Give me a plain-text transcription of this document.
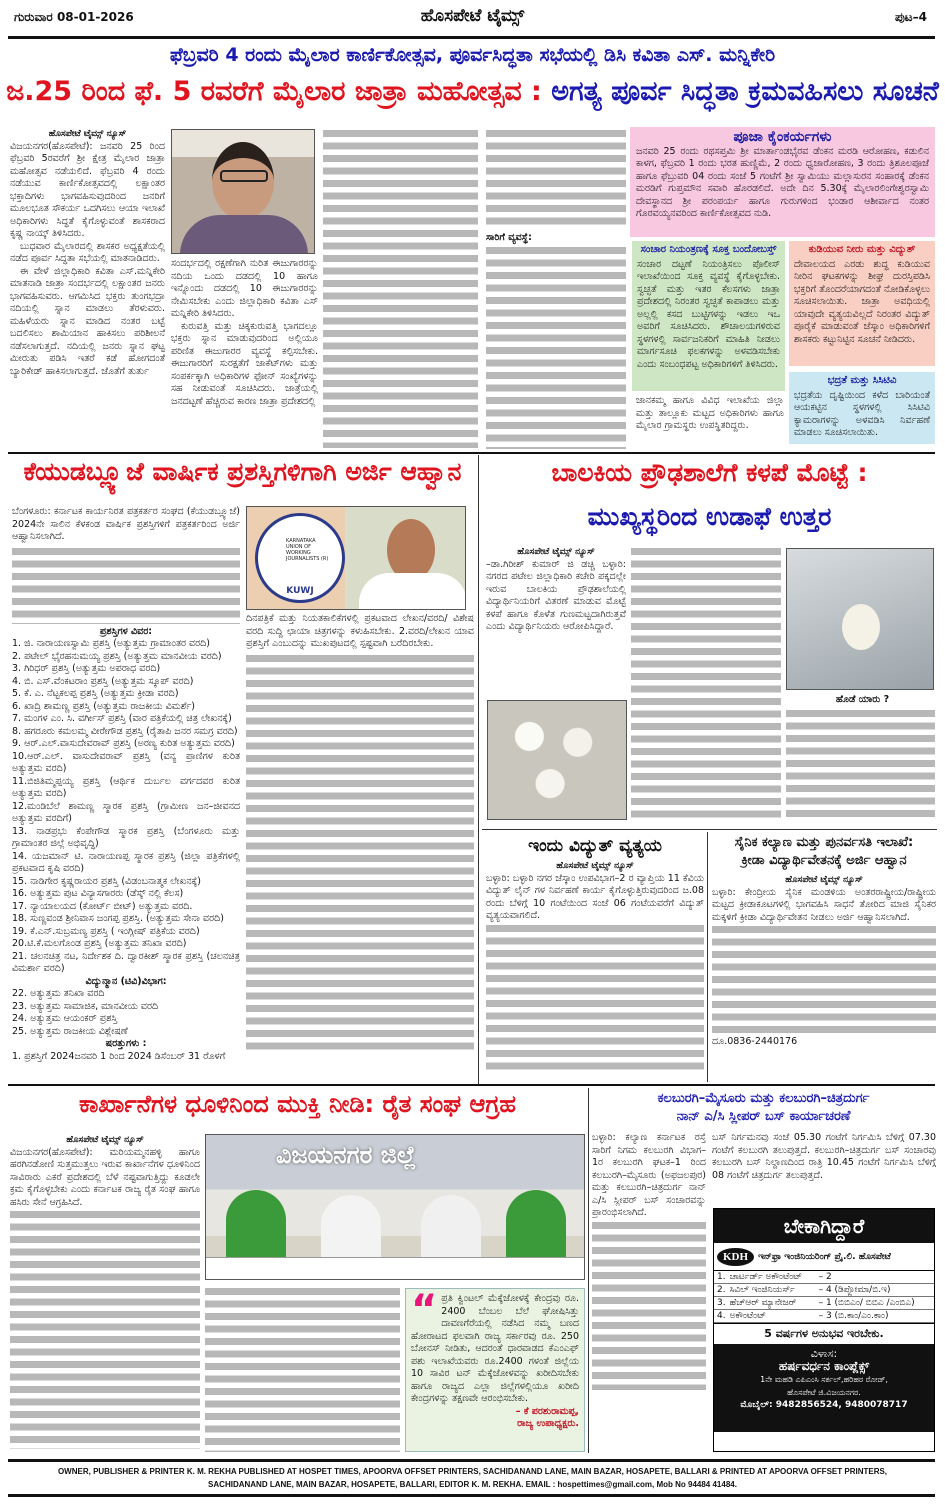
ಗುರುವಾರ 08-01-2026	ಹೊಸಪೇಟೆ ಟೈಮ್ಸ್	ಪುಟ–4
ಫೆಬ್ರವರಿ 4 ರಂದು ಮೈಲಾರ ಕಾರ್ಣಿಕೋತ್ಸವ, ಪೂರ್ವಸಿದ್ಧತಾ ಸಭೆಯಲ್ಲಿ ಡಿಸಿ ಕವಿತಾ ಎಸ್. ಮನ್ನಿಕೇರಿ
ಜ.25 ರಿಂದ ಫೆ. 5 ರವರೆಗೆ ಮೈಲಾರ ಜಾತ್ರಾ ಮಹೋತ್ಸವ : ಅಗತ್ಯ ಪೂರ್ವ ಸಿದ್ಧತಾ ಕ್ರಮವಹಿಸಲು ಸೂಚನೆ
ಹೊಸಪೇಟೆ ಟೈಮ್ಸ್ ನ್ಯೂಸ್

ವಿಜಯನಗರ(ಹೊಸಪೇಟೆ): ಜನವರಿ 25 ರಿಂದ ಫೆಬ್ರವರಿ 5ರವರೆಗೆ ಶ್ರೀ ಕ್ಷೇತ್ರ ಮೈಲಾರ ಜಾತ್ರಾ ಮಹೋತ್ಸವ ನಡೆಯಲಿದೆ. ಫೆಬ್ರವರಿ 4 ರಂದು ನಡೆಯುವ ಕಾರ್ಣಿಕೋತ್ಸವದಲ್ಲಿ ಲಕ್ಷಾಂತರ ಭಕ್ತಾದಿಗಳು ಭಾಗವಹಿಸುವುದರಿಂದ ಜನರಿಗೆ ಮೂಲಭೂತ ಸೌಕರ್ಯ ಒದಗಿಸಲು ಆಯಾ ಇಲಾಖೆ ಅಧಿಕಾರಿಗಳು ಸಿದ್ಧತೆ ಕೈಗೊಳ್ಳುವಂತೆ ಶಾಸಕರಾದ ಕೃಷ್ಣ ನಾಯ್ಕ್ ತಿಳಿಸಿದರು.

ಬುಧವಾರ ಮೈಲಾರದಲ್ಲಿ ಶಾಸಕರ ಅಧ್ಯಕ್ಷತೆಯಲ್ಲಿ ನಡೆದ ಪೂರ್ವ ಸಿದ್ಧತಾ ಸಭೆಯಲ್ಲಿ ಮಾತನಾಡಿದರು.

ಈ ವೇಳೆ ಜಿಲ್ಲಾಧಿಕಾರಿ ಕವಿತಾ ಎಸ್.ಮನ್ನಿಕೇರಿ ಮಾತನಾಡಿ ಜಾತ್ರಾ ಸಂದರ್ಭದಲ್ಲಿ ಲಕ್ಷಾಂತರ ಜನರು ಭಾಗವಹಿಸುವರು. ಆಗಮಿಸಿದ ಭಕ್ತರು ತುಂಗಭದ್ರಾ ನದಿಯಲ್ಲಿ ಸ್ನಾನ ಮಾಡಲು ತೆರಳುವರು. ಮಹಿಳೆಯರು ಸ್ನಾನ ಮಾಡಿದ ನಂತರ ಬಟ್ಟೆ ಬದಲಿಸಲು ಶಾಮಿಯಾನ ಹಾಕಿಸಲು ಪರಿಶೀಲನೆ ನಡೆಸಲಾಗುತ್ತದೆ. ನದಿಯಲ್ಲಿ ಜನರು ಸ್ನಾನ ಘಟ್ಟ ಮೀರುತು ಪಡಿಸಿ ಇತರೆ ಕಡೆ ಹೋಗದಂತೆ ಬ್ಯಾರಿಕೇಡ್ ಹಾಕಿಸಲಾಗುತ್ತದೆ. ಜೊತೆಗೆ ತುರ್ತು

ಸಂದರ್ಭದಲ್ಲಿ ರಕ್ಷಣೆಗಾಗಿ ನುರಿತ ಈಜುಗಾರರನ್ನು ನದಿಯ ಒಂದು ದಡದಲ್ಲಿ 10 ಹಾಗೂ ಇನ್ನೊಂದು ದಡದಲ್ಲಿ 10 ಈಜುಗಾರರನ್ನು ನೇಮಿಸಬೇಕು ಎಂದು ಜಿಲ್ಲಾಧಿಕಾರಿ ಕವಿತಾ ಎಸ್ ಮನ್ನಿಕೇರಿ ತಿಳಿಸಿದರು.

ಕುರುವತ್ತಿ ಮತ್ತು ಚಿಕ್ಕಕುರುವತ್ತಿ ಭಾಗದಲ್ಲೂ ಭಕ್ತರು ಸ್ನಾನ ಮಾಡುವುದರಿಂದ ಅಲ್ಲಿಯೂ ಪರಿಣಿತ ಈಜುಗಾರರ ವ್ಯವಸ್ಥೆ ಕಲ್ಪಿಸಬೇಕು. ಈಜುಗಾರರಿಗೆ ಸುರಕ್ಷತೆಗೆ ಜಾಕೆಟ್‌ಗಳು ಮತ್ತು ಸಂಪರ್ಕಕ್ಕಾಗಿ ಅಧಿಕಾರಿಗಳ ಫೋನ್ ಸಂಖ್ಯೆಗಳನ್ನು ಸಹ ನೀಡುವಂತೆ ಸೂಚಿಸಿದರು. ಜಾತ್ರೆಯಲ್ಲಿ ಜನದಟ್ಟಣೆ ಹೆಚ್ಚಿರುವ ಕಾರಣ ಜಾತ್ರಾ ಪ್ರದೇಶದಲ್ಲಿ

ಸಾರಿಗೆ ವ್ಯವಸ್ಥೆ:
ಪೂಜಾ ಕೈಂಕರ್ಯಗಳು
ಜನವರಿ 25 ರಂದು ರಥಸಪ್ತಮಿ ಶ್ರೀ ಮಾರ್ತಾಂಡಭೈರವ ಡೆಂಕನ ಮರಡಿ ಆರೋಹಣ, ಕಡುಲಿನ ಕಾಳಗ, ಫೆಬ್ರವರಿ 1 ರಂದು ಭರತ ಹುಣ್ಣಿಮೆ, 2 ರಂದು ಧ್ವಜಾರೋಹಣ, 3 ರಂದು ತ್ರಿಶೂಲಪೂಜೆ ಹಾಗೂ ಫೆಬ್ರುವರಿ 04 ರಂದು ಸಂಜೆ 5 ಗಂಟೆಗೆ ಶ್ರೀ ಸ್ವಾಮಿಯು ಮಲ್ಲಾಸುರನ ಸಂಹಾರಕ್ಕೆ ಡೆಂಕನ ಮರಡಿಗೆ ಗುಪ್ತಮೌನ ಸವಾರಿ ಹೊರಡಲಿದೆ. ಅದೇ ದಿನ 5.30ಕ್ಕೆ ಮೈಲಾರಲಿಂಗೇಶ್ವರಸ್ವಾಮಿ ದೇವಸ್ಥಾನದ ಶ್ರೀ ಪರಂಪರ್ಯ ಹಾಗೂ ಗುರುಗಳಿಂದ ಭಂಡಾರ ಆಶೀರ್ವಾದ ನಂತರ ಗೊರವಯ್ಯನವರಿಂದ ಕಾರ್ಣಿಕೋತ್ಸವದ ನುಡಿ.
ಸಂಚಾರ ನಿಯಂತ್ರಣಕ್ಕೆ ಸೂಕ್ತ ಬಂದೋಬಸ್ತ್
ಸಂಚಾರ ದಟ್ಟಣೆ ನಿಯಂತ್ರಿಸಲು ಪೊಲೀಸ್ ಇಲಾಖೆಯಿಂದ ಸೂಕ್ತ ವ್ಯವಸ್ಥೆ ಕೈಗೊಳ್ಳಬೇಕು. ಸ್ವಚ್ಛತೆ ಮತ್ತು ಇತರ ಕೆಲಸಗಳು ಜಾತ್ರಾ ಪ್ರದೇಶದಲ್ಲಿ ನಿರಂತರ ಸ್ವಚ್ಛತೆ ಕಾಪಾಡಲು ಮತ್ತು ಅಲ್ಲಲ್ಲಿ ಕಸದ ಬುಟ್ಟಿಗಳನ್ನು ಇಡಲು ಇಒ ಅವರಿಗೆ ಸೂಚಿಸಿದರು. ಶೌಚಾಲಯಗಳಿರುವ ಸ್ಥಳಗಳಲ್ಲಿ ಸಾರ್ವಜನಿಕರಿಗೆ ಮಾಹಿತಿ ನೀಡಲು ಮಾರ್ಗಸೂಚಿ ಫಲಕಗಳನ್ನು ಅಳವಡಿಸಬೇಕು ಎಂದು ಸಂಬಂಧಪಟ್ಟ ಅಧಿಕಾರಿಗಳಿಗೆ ತಿಳಿಸಿದರು.
ಕುಡಿಯುವ ನೀರು ಮತ್ತು ವಿದ್ಯುತ್
ದೇವಾಲಯದ ಎರಡು ಶುದ್ಧ ಕುಡಿಯುವ ನೀರಿನ ಘಟಕಗಳನ್ನು ಶೀಘ್ರ ದುರಸ್ತಿಪಡಿಸಿ ಭಕ್ತರಿಗೆ ತೊಂದರೆಯಾಗದಂತೆ ನೋಡಿಕೊಳ್ಳಲು ಸೂಚಿಸಲಾಯಿತು. ಜಾತ್ರಾ ಅವಧಿಯಲ್ಲಿ ಯಾವುದೇ ವ್ಯತ್ಯಯವಿಲ್ಲದೆ ನಿರಂತರ ವಿದ್ಯುತ್ ಪೂರೈಕೆ ಮಾಡುವಂತೆ ಜೆಸ್ಕಾಂ ಅಧಿಕಾರಿಗಳಿಗೆ ಶಾಸಕರು ಕಟ್ಟುನಿಟ್ಟಿನ ಸೂಚನೆ ನೀಡಿದರು.
ಭದ್ರತೆ ಮತ್ತು ಸಿಸಿಟಿವಿ
ಭದ್ರತೆಯ ದೃಷ್ಟಿಯಿಂದ ಕಳೆದ ಬಾರಿಯಂತೆ ಆಯಕಟ್ಟಿನ ಸ್ಥಳಗಳಲ್ಲಿ ಸಿಸಿಟಿವಿ ಕ್ಯಾಮರಾಗಳನ್ನು ಅಳವಡಿಸಿ ನಿರ್ವಹಣೆ ಮಾಡಲು ಸೂಚಿಸಲಾಯಿತು.
ಜಾನಕಮ್ಮ ಹಾಗೂ ವಿವಿಧ ಇಲಾಖೆಯ ಜಿಲ್ಲಾ ಮತ್ತು ತಾಲ್ಲೂಕು ಮಟ್ಟದ ಅಧಿಕಾರಿಗಳು ಹಾಗೂ ಮೈಲಾರ ಗ್ರಾಮಸ್ಥರು ಉಪಸ್ಥಿತರಿದ್ದರು.
ಕೆಯುಡಬ್ಲ್ಯೂಜೆ ವಾರ್ಷಿಕ ಪ್ರಶಸ್ತಿಗಳಿಗಾಗಿ ಅರ್ಜಿ ಆಹ್ವಾನ

ಬೆಂಗಳೂರು: ಕರ್ನಾಟಕ ಕಾರ್ಯನಿರತ ಪತ್ರಕರ್ತರ ಸಂಘದ (ಕೆಯುಡಬ್ಲ್ಯೂಜೆ) 2024ನೇ ಸಾಲಿನ ಕೆಳಕಂಡ ವಾರ್ಷಿಕ ಪ್ರಶಸ್ತಿಗಳಿಗೆ ಪತ್ರಕರ್ತರಿಂದ ಅರ್ಜಿ ಆಹ್ವಾನಿಸಲಾಗಿದೆ.

ಪ್ರಶಸ್ತಿಗಳ ವಿವರ:
1. ಜಿ. ನಾರಾಯಣಸ್ವಾಮಿ ಪ್ರಶಸ್ತಿ (ಅತ್ಯುತ್ತಮ ಗ್ರಾಮಾಂತರ ವರದಿ)
2. ಪಟೇಲ್ ಭೈರಹನುಮಯ್ಯ ಪ್ರಶಸ್ತಿ (ಅತ್ಯುತ್ತಮ ಮಾನವೀಯ ವರದಿ)
3. ಗಿರಿಧರ್ ಪ್ರಶಸ್ತಿ (ಅತ್ಯುತ್ತಮ ಅಪರಾಧ ವರದಿ)
4. ಬಿ. ಎಸ್.ವೆಂಕಟರಾಂ ಪ್ರಶಸ್ತಿ (ಅತ್ಯುತ್ತಮ ಸ್ಕೂಪ್ ವರದಿ)
5. ಕೆ. ಎ. ನೆಟ್ಟಕಲಪ್ಪ ಪ್ರಶಸ್ತಿ (ಅತ್ಯುತ್ತಮ ಕ್ರೀಡಾ ವರದಿ)
6. ಖಾದ್ರಿ ಶಾಮಣ್ಣ ಪ್ರಶಸ್ತಿ (ಅತ್ಯುತ್ತಮ ರಾಜಕೀಯ ವಿಮರ್ಶೆ)
7. ಮಂಗಳ ಎಂ. ಸಿ. ವರ್ಗೀಸ್ ಪ್ರಶಸ್ತಿ (ವಾರ ಪತ್ರಿಕೆಯಲ್ಲಿ ಚಿತ್ರ ಲೇಖನಕ್ಕೆ)
8. ಹಗರೂರು ಕಮಲಮ್ಮ ವೀರೇಗೌಡ ಪ್ರಶಸ್ತಿ (ರೈತಾಪಿ ಜನರ ಸಮಗ್ರ ವರದಿ)
9. ಆರ್.ಎಲ್.ವಾಸುದೇವರಾವ್ ಪ್ರಶಸ್ತಿ (ಅರಣ್ಯ ಕುರಿತ ಅತ್ಯುತ್ತಮ ವರದಿ)
10.ಆರ್.ಎಲ್. ವಾಸುದೇವರಾವ್ ಪ್ರಶಸ್ತಿ (ವನ್ಯ ಪ್ರಾಣಿಗಳ ಕುರಿತ ಅತ್ಯುತ್ತಮ ವರದಿ)
11.ಬಿಜಿತಿಮ್ಮಪ್ಪಯ್ಯ ಪ್ರಶಸ್ತಿ (ಆರ್ಥಿಕ ದುರ್ಬಲ ವರ್ಗದವರ ಕುರಿತ ಅತ್ಯುತ್ತಮ ವರದಿ)
12.ಮಂಡಿಬೆಲೆ ಶಾಮಣ್ಣ ಸ್ಮಾರಕ ಪ್ರಶಸ್ತಿ (ಗ್ರಾಮೀಣ ಜನ–ಜೀವನದ ಅತ್ಯುತ್ತಮ ವರದಿಗೆ)
13. ನಾಡಪ್ರಭು ಕೆಂಪೇಗೌಡ ಸ್ಮಾರಕ ಪ್ರಶಸ್ತಿ (ಬೆಂಗಳೂರು ಮತ್ತು ಗ್ರಾಮಾಂತರ ಜಿಲ್ಲೆ ಅಭಿವೃದ್ಧಿ)
14. ಯಜಮಾನ್ ಟಿ. ನಾರಾಯಣಪ್ಪ ಸ್ಮಾರಕ ಪ್ರಶಸ್ತಿ (ಜಿಲ್ಲಾ ಪತ್ರಿಕೆಗಳಲ್ಲಿ ಪ್ರಕಟವಾದ ಕೃಷಿ ವರದಿ)
15. ನಾಡಿಗೇರ ಕೃಷ್ಣರಾಯರ ಪ್ರಶಸ್ತಿ (ವಿಡಂಬನಾತ್ಮಕ ಲೇಖನಕ್ಕೆ)
16. ಅತ್ಯುತ್ತಮ ಪುಟ ವಿನ್ಯಾಸಗಾರರು (ಡೆಸ್ಕ್ ನಲ್ಲಿ ಕೆಲಸ)
17. ನ್ಯಾಯಾಲಯದ (ಕೋರ್ಟ್ ಬೀಟ್) ಅತ್ಯುತ್ತಮ ವರದಿ.
18. ಸುಣ್ಣವಂಡ ಶ್ರೀನಿವಾಸ ಜಂಗಪ್ಪ ಪ್ರಶಸ್ತಿ. (ಅತ್ಯುತ್ತಮ ಸೇನಾ ವರದಿ)
19. ಕೆ.ಎನ್.ಸುಬ್ರಮಣ್ಯ ಪ್ರಶಸ್ತಿ ( ಇಂಗ್ಲೀಷ್ ಪತ್ರಿಕೆಯ ವರದಿ)
20.ಟಿ.ಕೆ.ಮಲಗೊಂಡ ಪ್ರಶಸ್ತಿ (ಅತ್ಯುತ್ತಮ ತನಿಖಾ ವರದಿ)
21. ಚಲನಚಿತ್ರ ನಟ, ನಿರ್ದೇಶಕ ದಿ. ದ್ವಾರಕೀಶ್ ಸ್ಮಾರಕ ಪ್ರಶಸ್ತಿ (ಚಲನಚಿತ್ರ ವಿಮರ್ಶಾ ವರದಿ)
ವಿದ್ಯುನ್ಮಾನ (ಟಿವಿ)ವಿಭಾಗ:
22. ಅತ್ಯುತ್ತಮ ತನಿಖಾ ವರದಿ
23. ಅತ್ಯುತ್ತಮ ಸಾಮಾಜಿಕ, ಮಾನವೀಯ ವರದಿ
24. ಅತ್ಯುತ್ತಮ ಆಯಂಕರ್ ಪ್ರಶಸ್ತಿ
25. ಅತ್ಯುತ್ತಮ ರಾಜಕೀಯ ವಿಶ್ಲೇಷಣೆ
ಷರತ್ತುಗಳು :
1. ಪ್ರಶಸ್ತಿಗೆ 2024ಜನವರಿ 1 ರಿಂದ 2024 ಡಿಸೆಂಬರ್ 31 ರೊಳಗೆ
KARNATAKA UNION OF WORKING JOURNALISTS (R)
KUWJ

ದಿನಪತ್ರಿಕೆ ಮತ್ತು ನಿಯತಕಾಲಿಕೆಗಳಲ್ಲಿ ಪ್ರಕಟವಾದ ಲೇಖನ/ವರದಿ/ ವಿಶೇಷ ವರದಿ ಸುದ್ದಿ ಛಾಯಾ ಚಿತ್ರಗಳನ್ನು ಕಳುಹಿಸಬೇಕು. 2.ವರದಿ/ಲೇಖನ ಯಾವ ಪ್ರಶಸ್ತಿಗೆ ಎಂಬುದನ್ನು ಮುಖಪುಟದಲ್ಲಿ ಸ್ಪಷ್ಟವಾಗಿ ಬರೆದಿರಬೇಕು.

ಬಾಲಕಿಯ ಪ್ರೌಢಶಾಲೆಗೆ ಕಳಪೆ ಮೊಟ್ಟೆ :
ಮುಖ್ಯಸ್ಥರಿಂದ ಉಡಾಫೆ ಉತ್ತರ
ಹೊಸಪೇಟೆ ಟೈಮ್ಸ್ ನ್ಯೂಸ್

–ಡಾ.ಗಿರೀಶ್ ಕುಮಾರ್ ಜಿ ಡಚ್ಚಿ ಬಳ್ಳಾರಿ: ನಗರದ ಪಟೇಲ ಜಿಲ್ಲಾಧಿಕಾರಿ ಕಚೇರಿ ಪಕ್ಕದಲ್ಲೇ ಇರುವ ಬಾಲಕಿಯ ಪ್ರೌಢಶಾಲೆಯಲ್ಲಿ ವಿದ್ಯಾರ್ಥಿನಿಯರಿಗೆ ವಿತರಣೆ ಮಾಡುವ ಮೊಟ್ಟೆ ಕಳಪೆ ಹಾಗೂ ಕೊಳೆತ ಗುಣಮಟ್ಟದಾಗಿರುತ್ತವೆ ಎಂದು ವಿದ್ಯಾರ್ಥಿನಿಯರು ಆರೋಪಿಸಿದ್ದಾರೆ.

ಹೊಡೆ ಯಾರು ?
ಇಂದು ವಿದ್ಯುತ್ ವ್ಯತ್ಯಯ
ಹೊಸಪೇಟೆ ಟೈಮ್ಸ್ ನ್ಯೂಸ್

ಬಳ್ಳಾರಿ: ಬಳ್ಳಾರಿ ನಗರ ಜೆಸ್ಕಾಂ ಉಪವಿಭಾಗ–2 ರ ವ್ಯಾಪ್ತಿಯ 11 ಕೆವಿಯ ವಿದ್ಯುತ್ ಲೈನ್ ಗಳ ನಿರ್ವಹಣೆ ಕಾರ್ಯ ಕೈಗೊಳ್ಳುತ್ತಿರುವುದರಿಂದ ಜ.08 ರಂದು ಬೆಳಿಗ್ಗೆ 10 ಗಂಟೆಯಿಂದ ಸಂಜೆ 06 ಗಂಟೆಯವರೆಗೆ ವಿದ್ಯುತ್ ವ್ಯತ್ಯಯವಾಗಲಿದೆ.

ಸೈನಿಕ ಕಲ್ಯಾಣ ಮತ್ತು ಪುನರ್ವಸತಿ ಇಲಾಖೆ:
ಕ್ರೀಡಾ ವಿದ್ಯಾರ್ಥಿವೇತನಕ್ಕೆ ಅರ್ಜಿ ಆಹ್ವಾನ
ಹೊಸಪೇಟೆ ಟೈಮ್ಸ್ ನ್ಯೂಸ್

ಬಳ್ಳಾರಿ: ಕೇಂದ್ರೀಯ ಸೈನಿಕ ಮಂಡಳಿಯ ಅಂತರರಾಷ್ಟ್ರೀಯ/ರಾಷ್ಟ್ರೀಯ ಮಟ್ಟದ ಕ್ರೀಡಾಕೂಟಗಳಲ್ಲಿ ಭಾಗವಹಿಸಿ ಸಾಧನೆ ತೋರಿದ ಮಾಜಿ ಸೈನಿಕರ ಮಕ್ಕಳಿಗೆ ಕ್ರೀಡಾ ವಿದ್ಯಾರ್ಥಿವೇತನ ನೀಡಲು ಅರ್ಜಿ ಆಹ್ವಾನಿಸಲಾಗಿದೆ.

ದೂ.0836-2440176

ಕಾರ್ಖಾನೆಗಳ ಧೂಳಿನಿಂದ ಮುಕ್ತಿ ನೀಡಿ: ರೈತ ಸಂಘ ಆಗ್ರಹ
ಹೊಸಪೇಟೆ ಟೈಮ್ಸ್ ನ್ಯೂಸ್

ವಿಜಯನಗರ(ಹೊಸಪೇಟೆ): ಮರಿಯಮ್ಮನಹಳ್ಳಿ ಹಾಗೂ ಹರಗಿನಡೋಣಿ ಸುತ್ತಮುತ್ತಲು ಇರುವ ಕಾರ್ಖಾನೆಗಳ ಧೂಳಿನಿಂದ ಸಾವಿರಾರು ಎಕರೆ ಪ್ರದೇಶದಲ್ಲಿ ಬೆಳೆ ನಷ್ಟವಾಗುತ್ತಿದ್ದು ಕೂಡಲೇ ಕ್ರಮ ಕೈಗೊಳ್ಳಬೇಕು ಎಂದು ಕರ್ನಾಟಕ ರಾಜ್ಯ ರೈತ ಸಂಘ ಹಾಗೂ ಹಸಿರು ಸೇನೆ ಆಗ್ರಹಿಸಿದೆ.

ವಿಜಯನಗರ ಜಿಲ್ಲೆ
“ ಪ್ರತಿ ಕ್ವಿಂಟಲ್ ಮೆಕ್ಕೆಜೋಳಕ್ಕೆ ಕೇಂದ್ರವು ರೂ. 2400 ಬೆಂಬಲ ಬೆಲೆ ಘೋಷಿಸಿತ್ತು ದಾವಣಗೆರೆಯಲ್ಲಿ ನಡೆಸಿದ ನಮ್ಮ ಬಣದ ಹೋರಾಟದ ಫಲವಾಗಿ ರಾಜ್ಯ ಸರ್ಕಾರವು ರೂ. 250 ಬೋನಸ್ ನೀಡಿತು, ಆದರಂತೆ ಧಾರವಾಡದ ಕೆಎಂಎಫ್ ಪಶು ಇಲಾಖೆಯವರು ರೂ.2400 ಗಳಂತೆ ಜಿಲ್ಲೆಯ 10 ಸಾವಿರ ಟನ್ ಮೆಕ್ಕೆಜೋಳವನ್ನು ಖರೀದಿಸಬೇಕು ಹಾಗೂ ರಾಜ್ಯದ ಎಲ್ಲಾ ಜಿಲ್ಲೆಗಳಲ್ಲಿಯೂ ಖರೀದಿ ಕೇಂದ್ರಗಳನ್ನು ತಕ್ಷಣವೇ ಆರಂಭಿಸಬೇಕು.
– ಕೆ ಪರಶುರಾಮಪ್ಪ,
ರಾಜ್ಯ ಉಪಾಧ್ಯಕ್ಷರು.
ಕಲಬುರಗಿ–ಮೈಸೂರು ಮತ್ತು ಕಲಬುರಗಿ–ಚಿತ್ರದುರ್ಗ
ನಾನ್ ಎ/ಸಿ ಸ್ಲೀಪರ್ ಬಸ್ ಕಾರ್ಯಾಚರಣೆ

ಬಳ್ಳಾರಿ: ಕಲ್ಯಾಣ ಕರ್ನಾಟಕ ರಸ್ತೆ ಸಾರಿಗೆ ನಿಗಮ ಕಲಬುರಗಿ ವಿಭಾಗ–1ರ ಕಲಬುರಗಿ ಘಟಕ–1 ರಿಂದ ಕಲಬುರಗಿ–ಮೈಸೂರು (ಅಫಜಲಪುರ) ಮತ್ತು ಕಲಬುರಗಿ–ಚಿತ್ರದುರ್ಗ ನಾನ್ ಎ/ಸಿ ಸ್ಲೀಪರ್ ಬಸ್ ಸಂಚಾರವನ್ನು ಪ್ರಾರಂಭಿಸಲಾಗಿದೆ.

ಬಸ್ ನಿರ್ಗಮನವು ಸಂಜೆ 05.30 ಗಂಟೆಗೆ ನಿರ್ಗಮಿಸಿ ಬೆಳಿಗ್ಗೆ 07.30 ಗಂಟೆಗೆ ಕಲಬುರಗಿ ತಲುಪುತ್ತದೆ. ಕಲಬುರಗಿ–ಚಿತ್ರದುರ್ಗ ಬಸ್ ಸಂಚಾರವು ಕಲಬುರಗಿ ಬಸ್ ನಿಲ್ದಾಣದಿಂದ ರಾತ್ರಿ 10.45 ಗಂಟೆಗೆ ನಿರ್ಗಮಿಸಿ ಬೆಳಿಗ್ಗೆ 08 ಗಂಟೆಗೆ ಚಿತ್ರದುರ್ಗ ತಲುಪುತ್ತದೆ.
ಬೇಕಾಗಿದ್ದಾರೆ
KDH	ಇನ್‌ಫ್ರಾ ಇಂಜಿನಿಯರಿಂಗ್ ಪ್ರೈ.ಲಿ. ಹೊಸಪೇಟೆ
1. ಚಾರ್ಟರ್ಡ್ ಅಕೌಂಟೆಂಟ್	– 2
2. ಸಿವಿಲ್ ಇಂಜಿನಿಯರ್ಸ್	– 4 (ಡಿಪ್ಲೋಮಾ/ಬಿ.ಇ)
3. ಹೆಚ್‌ಆರ್ ಮ್ಯಾನೇಜರ್	– 1 (ಬಿಬಿಎಂ/ ಬಿಬಿಎ /ಎಂಬಿಎ)
4. ಅಕೌಂಟೆಂಟ್	– 3 (ಬಿ.ಕಾಂ/ಎಂ.ಕಾಂ)
5 ವರ್ಷಗಳ ಅನುಭವ ಇರಬೇಕು.
ವಿಳಾಸ:
ಹರ್ಷವರ್ಧನ ಕಾಂಪ್ಲೆಕ್ಸ್
1ನೇ ಮಹಡಿ ಎಪಿಎಂಸಿ ಸರ್ಕಲ್,ಹರಿಹರ ರೋಡ್,
ಹೊಸಪೇಟೆ ಜಿ.ವಿಜಯನಗರ.
ಮೊಬೈಲ್: 9482856524, 9480078717
OWNER, PUBLISHER & PRINTER K. M. REKHA PUBLISHED AT HOSPET TIMES, APOORVA OFFSET PRINTERS, SACHIDANAND LANE, MAIN BAZAR, HOSAPETE, BALLARI & PRINTED AT APOORVA OFFSET PRINTERS,
SACHIDANAND LANE, MAIN BAZAR, HOSAPETE, BALLARI, EDITOR K. M. REKHA. EMAIL : hospettimes@gmail.com, Mob No 94484 41484.
